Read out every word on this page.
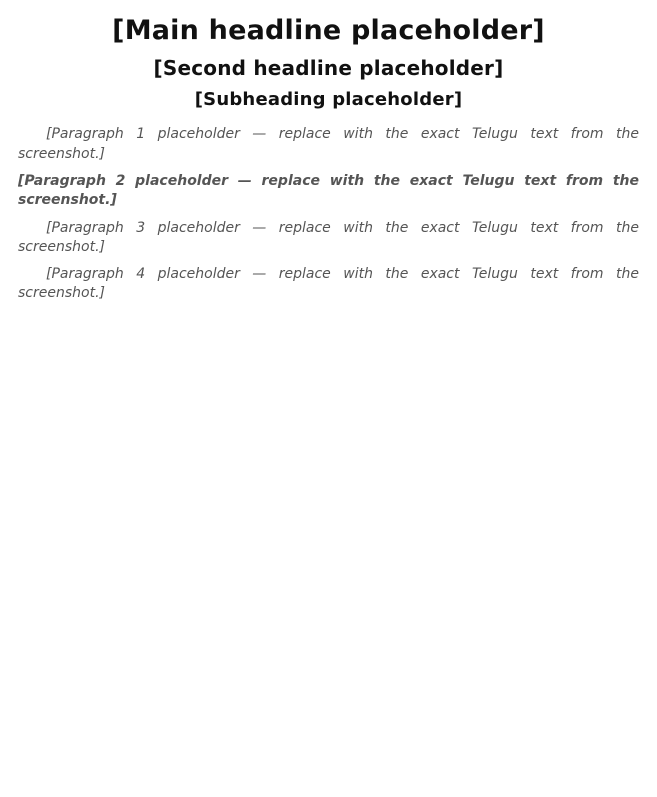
[Main headline placeholder]
[Second headline placeholder]
[Subheading placeholder]

[Paragraph 1 placeholder — replace with the exact Telugu text from the screenshot.]

[Paragraph 2 placeholder — replace with the exact Telugu text from the screenshot.]

[Paragraph 3 placeholder — replace with the exact Telugu text from the screenshot.]

[Paragraph 4 placeholder — replace with the exact Telugu text from the screenshot.]
